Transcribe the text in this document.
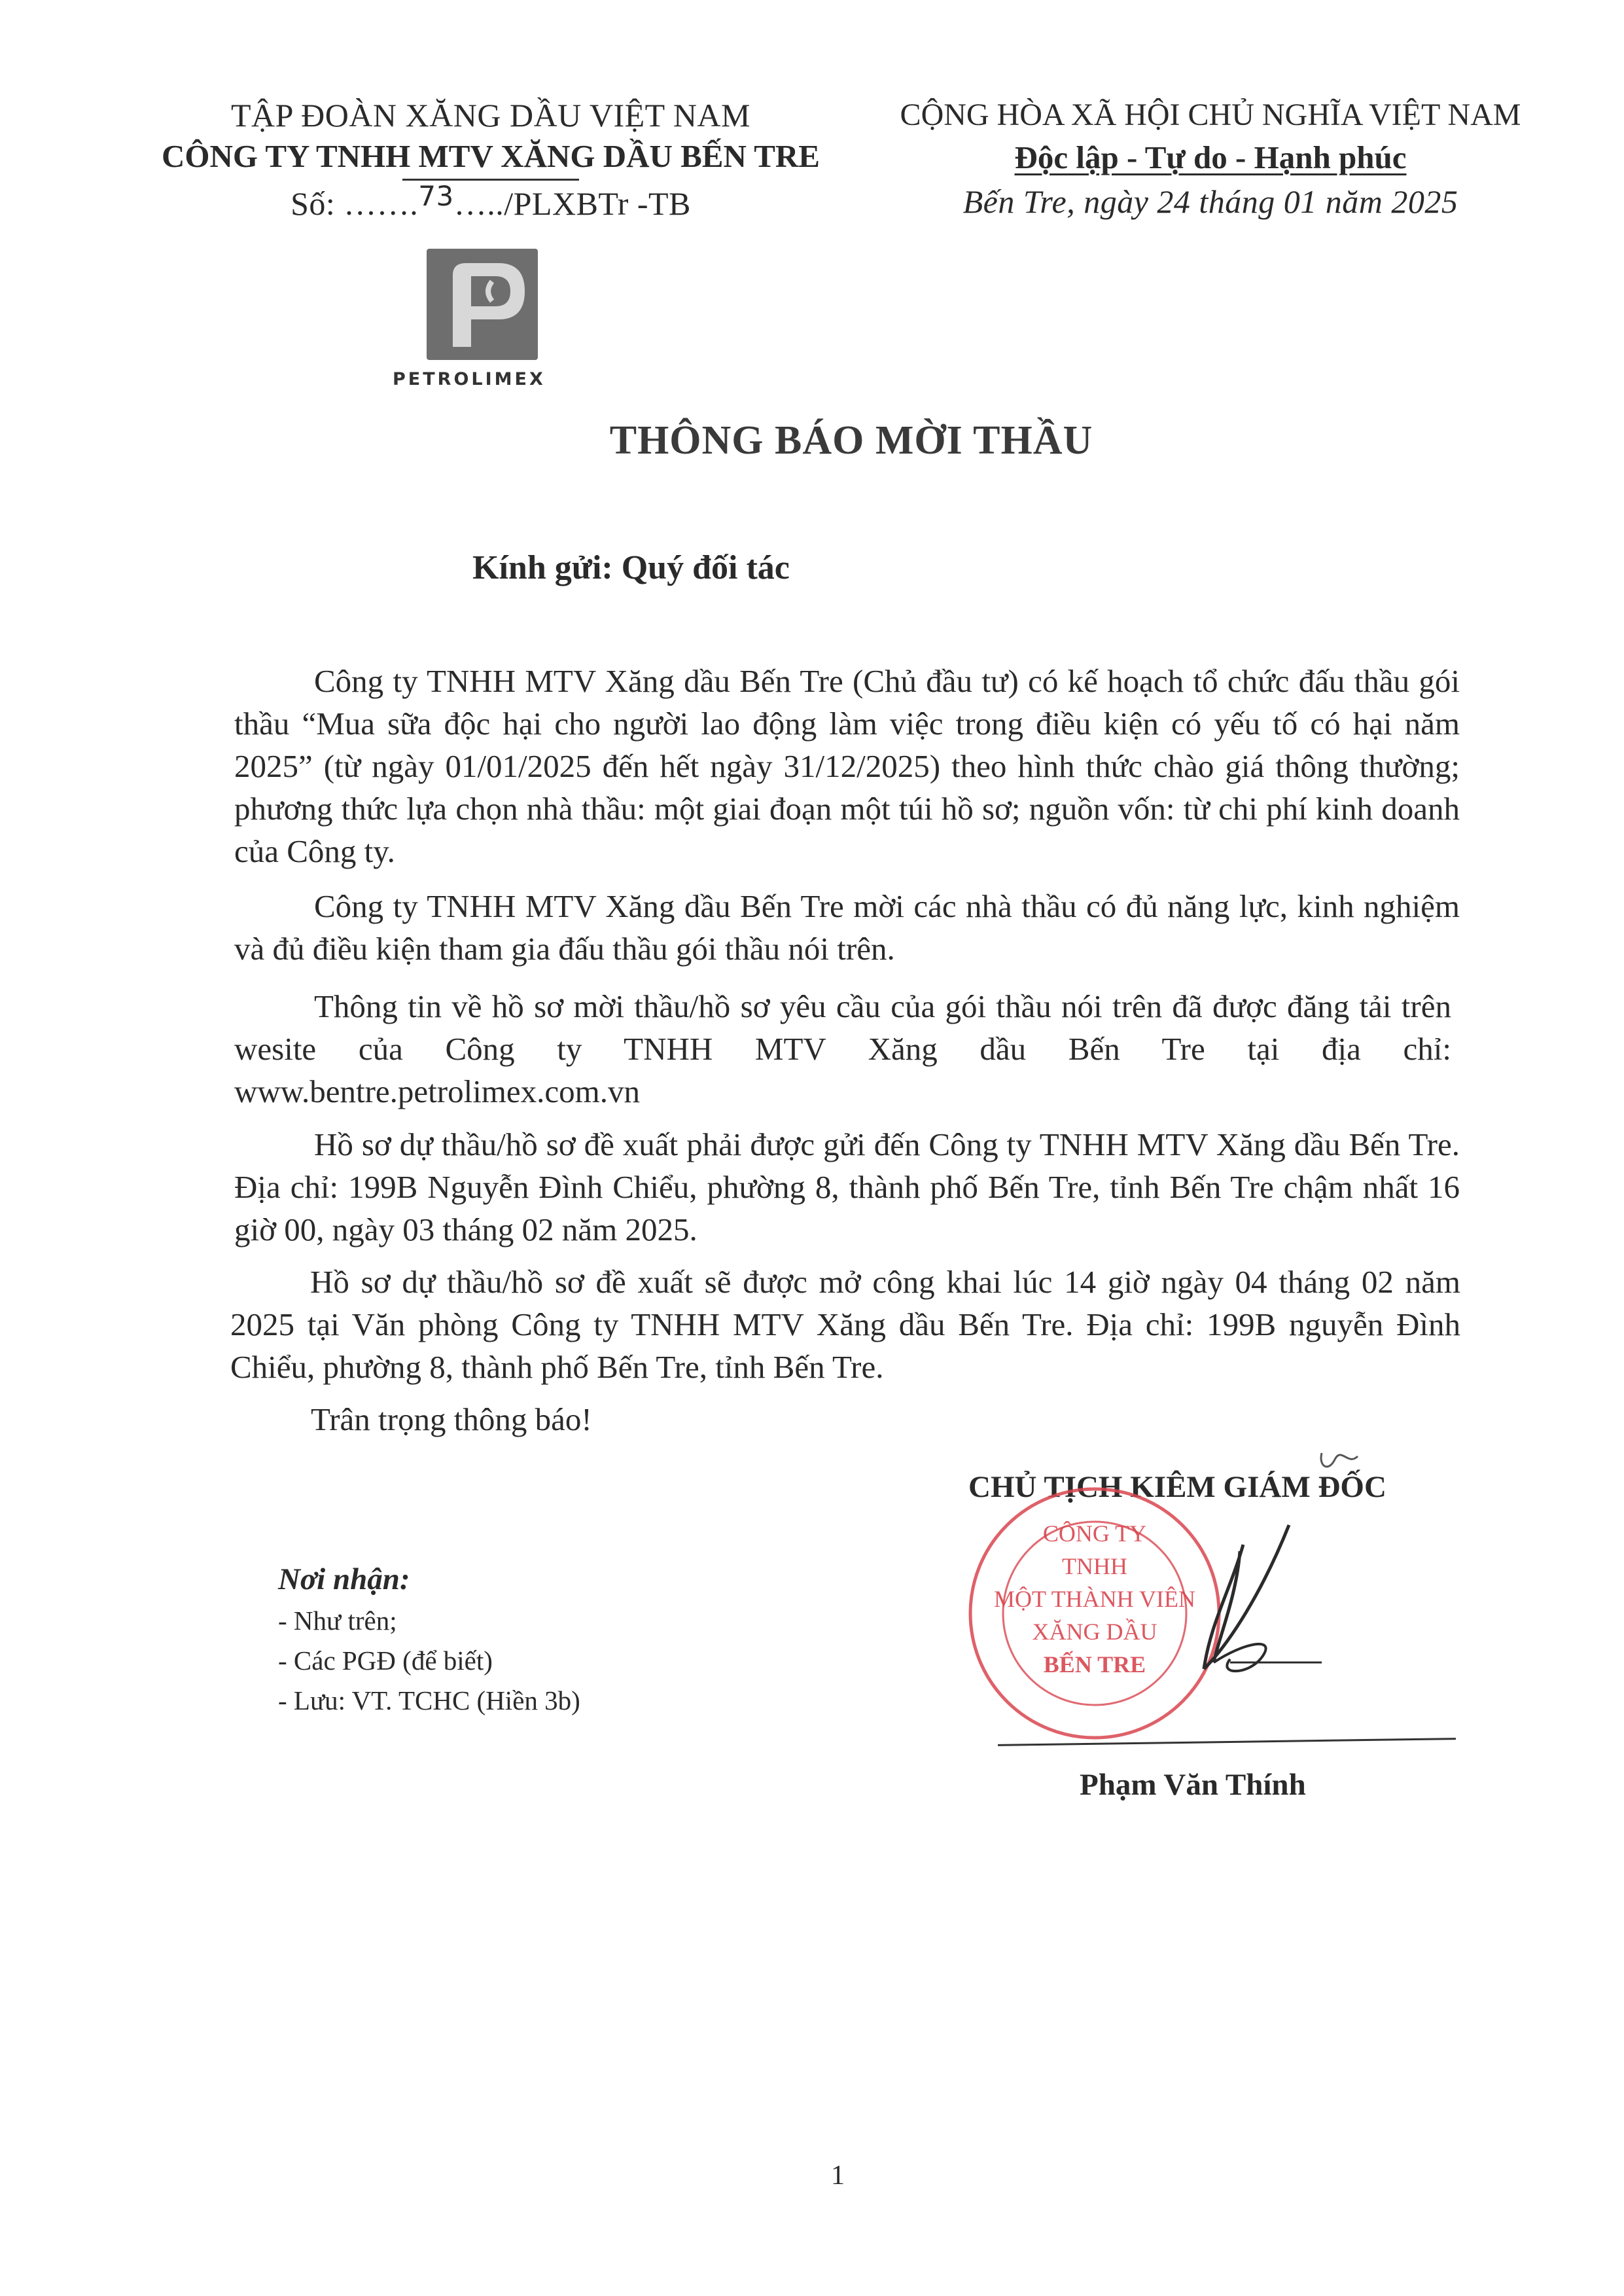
TẬP ĐOÀN XĂNG DẦU VIỆT NAM
CÔNG TY TNHH MTV XĂNG DẦU BẾN TRE
Số: …….$^{73}$…../PLXBTr -TB
CỘNG HÒA XÃ HỘI CHỦ NGHĨA VIỆT NAM
Độc lập - Tự do - Hạnh phúc
Bến Tre, ngày 24 tháng 01 năm 2025
PETROLIMEX
THÔNG BÁO MỜI THẦU
Kính gửi: Quý đối tác
Công ty TNHH MTV Xăng dầu Bến Tre (Chủ đầu tư) có kế hoạch tổ chức đấu thầu gói thầu “Mua sữa độc hại cho người lao động làm việc trong điều kiện có yếu tố có hại năm 2025” (từ ngày 01/01/2025 đến hết ngày 31/12/2025) theo hình thức chào giá thông thường; phương thức lựa chọn nhà thầu: một giai đoạn một túi hồ sơ; nguồn vốn: từ chi phí kinh doanh của Công ty.
Công ty TNHH MTV Xăng dầu Bến Tre mời các nhà thầu có đủ năng lực, kinh nghiệm và đủ điều kiện tham gia đấu thầu gói thầu nói trên.
Thông tin về hồ sơ mời thầu/hồ sơ yêu cầu của gói thầu nói trên đã được đăng tải trên wesite của Công ty TNHH MTV Xăng dầu Bến Tre tại địa chỉ: www.bentre.petrolimex.com.vn
Hồ sơ dự thầu/hồ sơ đề xuất phải được gửi đến Công ty TNHH MTV Xăng dầu Bến Tre. Địa chỉ: 199B Nguyễn Đình Chiểu, phường 8, thành phố Bến Tre, tỉnh Bến Tre chậm nhất 16 giờ 00, ngày 03 tháng 02 năm 2025.
Hồ sơ dự thầu/hồ sơ đề xuất sẽ được mở công khai lúc 14 giờ ngày 04 tháng 02 năm 2025 tại Văn phòng Công ty TNHH MTV Xăng dầu Bến Tre. Địa chỉ: 199B nguyễn Đình Chiểu, phường 8, thành phố Bến Tre, tỉnh Bến Tre.
Trân trọng thông báo!
Nơi nhận:
- Như trên;
- Các PGĐ (để biết)
- Lưu: VT. TCHC (Hiền 3b)
CHỦ TỊCH KIÊM GIÁM ĐỐC
CÔNG TY
TNHH
MỘT THÀNH VIÊN
XĂNG DẦU
BẾN TRE
Phạm Văn Thính
1
